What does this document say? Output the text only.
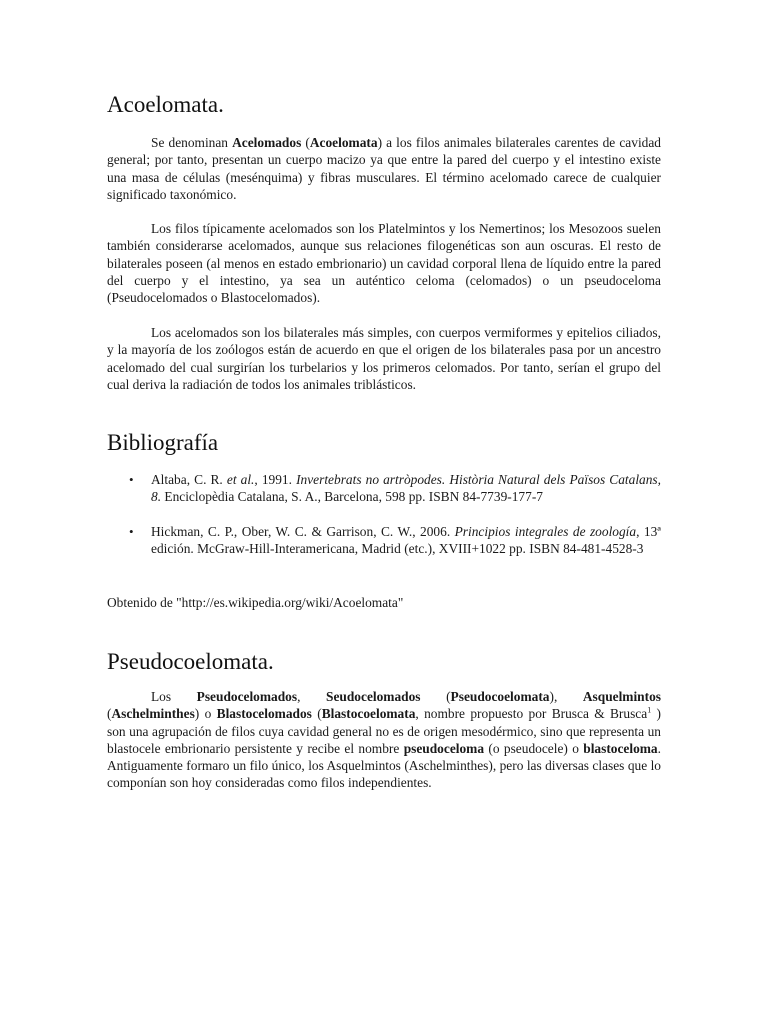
Acoelomata.

Se denominan Acelomados (Acoelomata) a los filos animales bilaterales carentes de cavidad general; por tanto, presentan un cuerpo macizo ya que entre la pared del cuerpo y el intestino existe una masa de células (mesénquima) y fibras musculares. El término acelomado carece de cualquier significado taxonómico.

Los filos típicamente acelomados son los Platelmintos y los Nemertinos; los Mesozoos suelen también considerarse acelomados, aunque sus relaciones filogenéticas son aun oscuras. El resto de bilaterales poseen (al menos en estado embrionario) un cavidad corporal llena de líquido entre la pared del cuerpo y el intestino, ya sea un auténtico celoma (celomados) o un pseudoceloma (Pseudocelomados o Blastocelomados).

Los acelomados son los bilaterales más simples, con cuerpos vermiformes y epitelios ciliados, y la mayoría de los zoólogos están de acuerdo en que el origen de los bilaterales pasa por un ancestro acelomado del cual surgirían los turbelarios y los primeros celomados. Por tanto, serían el grupo del cual deriva la radiación de todos los animales triblásticos.

Bibliografía
• Altaba, C. R. et al., 1991. Invertebrats no artròpodes. Història Natural dels Països Catalans, 8. Enciclopèdia Catalana, S. A., Barcelona, 598 pp. ISBN 84-7739-177-7
• Hickman, C. P., Ober, W. C. & Garrison, C. W., 2006. Principios integrales de zoología, 13ª edición. McGraw-Hill-Interamericana, Madrid (etc.), XVIII+1022 pp. ISBN 84-481-4528-3

Obtenido de "http://es.wikipedia.org/wiki/Acoelomata"

Pseudocoelomata.

Los Pseudocelomados, Seudocelomados (Pseudocoelomata), Asquelmintos (Aschelminthes) o Blastocelomados (Blastocoelomata, nombre propuesto por Brusca & Brusca$^1$ ) son una agrupación de filos cuya cavidad general no es de origen mesodérmico, sino que representa un blastocele embrionario persistente y recibe el nombre pseudoceloma (o pseudocele) o blastoceloma. Antiguamente formaro un filo único, los Asquelmintos (Aschelminthes), pero las diversas clases que lo componían son hoy consideradas como filos independientes.
